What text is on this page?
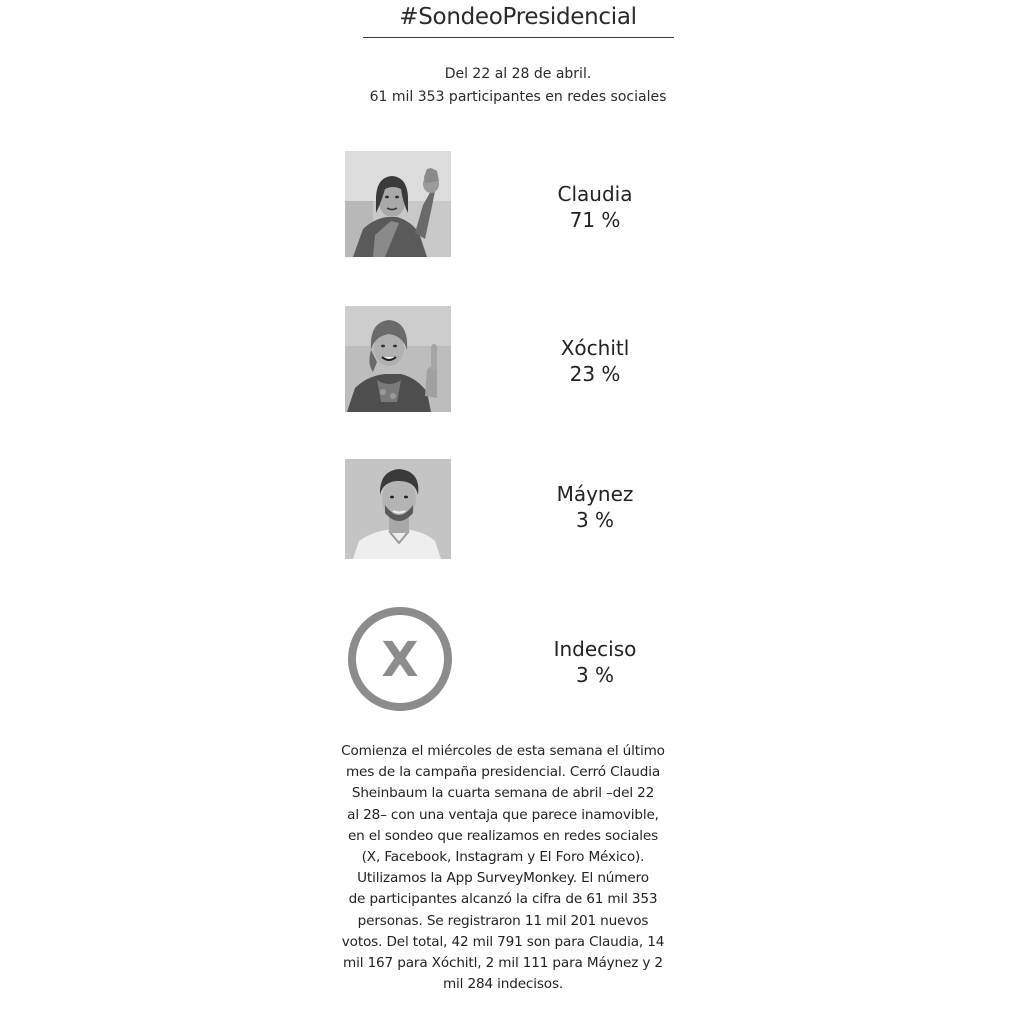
#SondeoPresidencial
Del 22 al 28 de abril.
61 mil 353 participantes en redes sociales
Claudia
71 %
Xóchitl
23 %
Máynez
3 %
X	Indeciso
3 %
Comienza el miércoles de esta semana el último
mes de la campaña presidencial. Cerró Claudia
Sheinbaum la cuarta semana de abril –del 22
al 28– con una ventaja que parece inamovible,
en el sondeo que realizamos en redes sociales
(X, Facebook, Instagram y El Foro México).
Utilizamos la App SurveyMonkey. El número
de participantes alcanzó la cifra de 61 mil 353
personas. Se registraron 11 mil 201 nuevos
votos. Del total, 42 mil 791 son para Claudia, 14
mil 167 para Xóchitl, 2 mil 111 para Máynez y 2
mil 284 indecisos.
